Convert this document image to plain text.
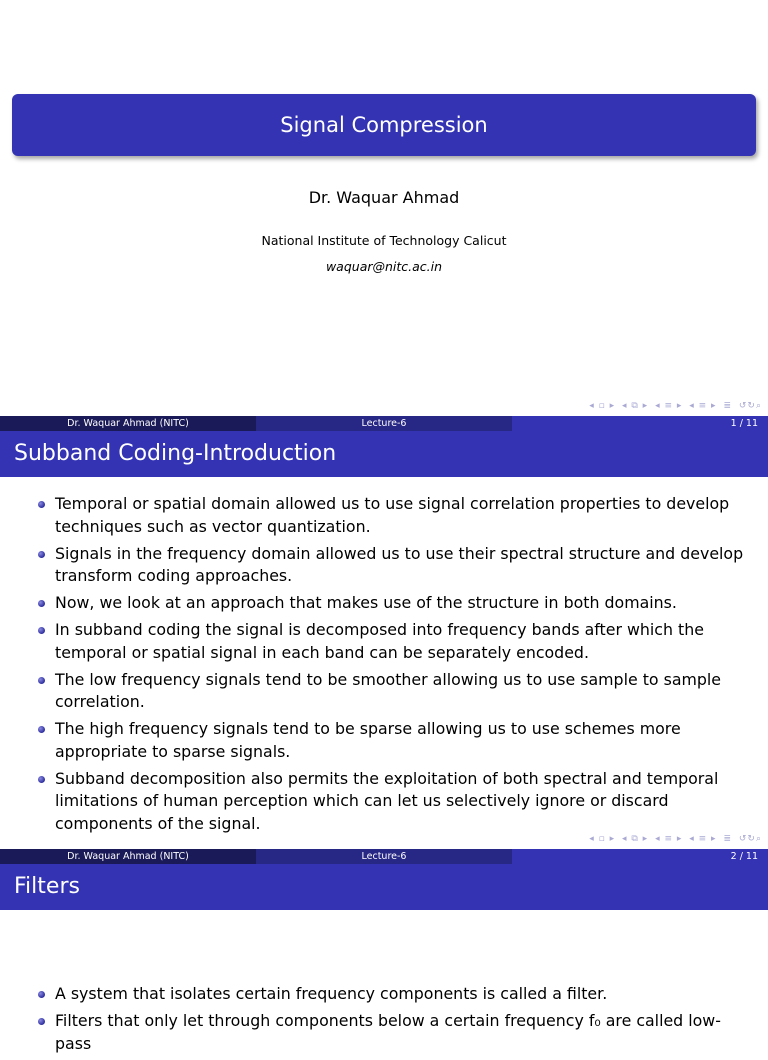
Signal Compression
Dr. Waquar Ahmad
National Institute of Technology Calicut
waquar@nitc.ac.in
◂ ▫ ▸ ◂ ⧉ ▸ ◂ ≡ ▸ ◂ ≡ ▸ ≣ ↺↻⌕
Dr. Waquar Ahmad (NITC)	Lecture-6	1 / 11
Subband Coding-Introduction
Temporal or spatial domain allowed us to use signal correlation properties to develop techniques such as vector quantization.
Signals in the frequency domain allowed us to use their spectral structure and develop transform coding approaches.
Now, we look at an approach that makes use of the structure in both domains.
In subband coding the signal is decomposed into frequency bands after which the temporal or spatial signal in each band can be separately encoded.
The low frequency signals tend to be smoother allowing us to use sample to sample correlation.
The high frequency signals tend to be sparse allowing us to use schemes more appropriate to sparse signals.
Subband decomposition also permits the exploitation of both spectral and temporal limitations of human perception which can let us selectively ignore or discard components of the signal.
◂ ▫ ▸ ◂ ⧉ ▸ ◂ ≡ ▸ ◂ ≡ ▸ ≣ ↺↻⌕
Dr. Waquar Ahmad (NITC)	Lecture-6	2 / 11
Filters
A system that isolates certain frequency components is called a filter.
Filters that only let through components below a certain frequency f₀ are called low-pass
